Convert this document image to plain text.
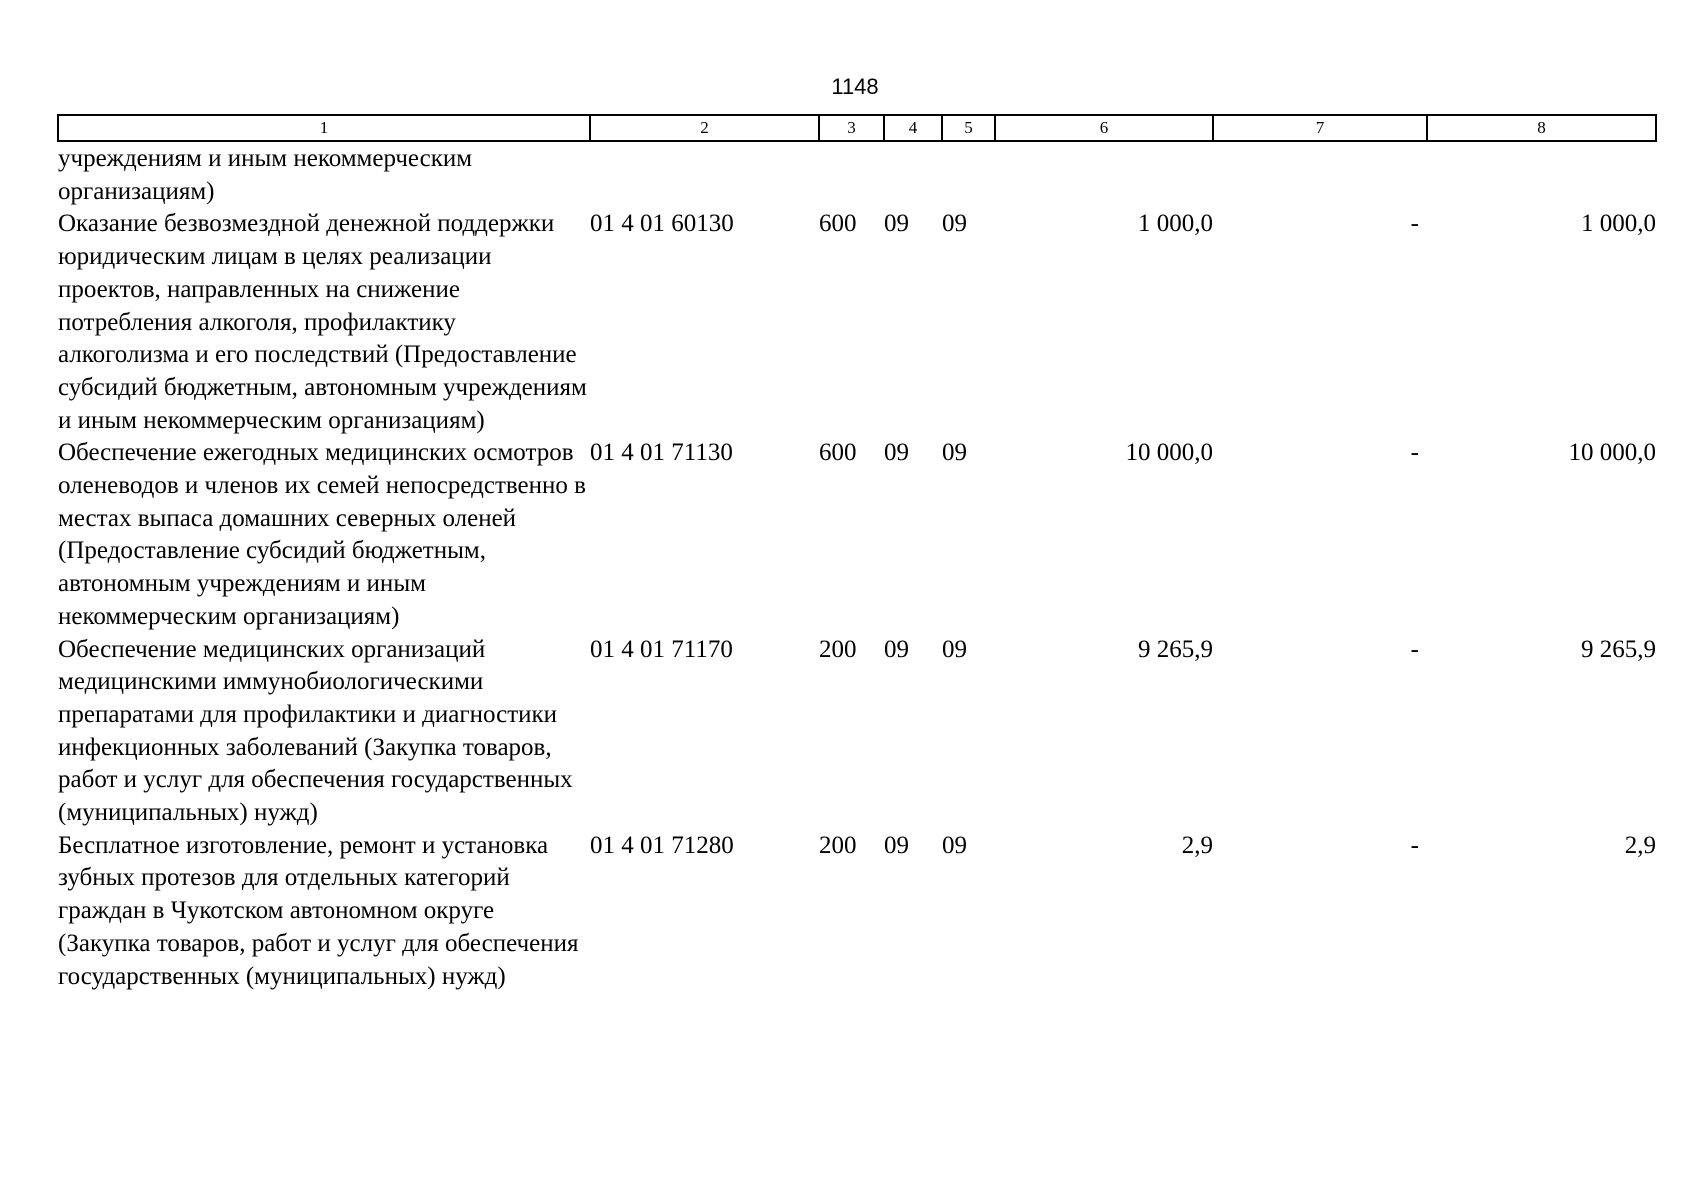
1148
1	2	3	4	5	6	7	8
учреждениям и иным некоммерческим организациям)							
Оказание безвозмездной денежной поддержки юридическим лицам в целях реализации проектов, направленных на снижение потребления алкоголя, профилактику алкоголизма и его последствий (Предоставление субсидий бюджетным, автономным учреждениям и иным некоммерческим организациям)	01 4 01 60130	600	09	09	1 000,0	-	1 000,0
Обеспечение ежегодных медицинских осмотров оленеводов и членов их семей непосредственно в местах выпаса домашних северных оленей (Предоставление субсидий бюджетным, автономным учреждениям и иным некоммерческим организациям)	01 4 01 71130	600	09	09	10 000,0	-	10 000,0
Обеспечение медицинских организаций медицинскими иммунобиологическими препаратами для профилактики и диагностики инфекционных заболеваний (Закупка товаров, работ и услуг для обеспечения государственных (муниципальных) нужд)	01 4 01 71170	200	09	09	9 265,9	-	9 265,9
Бесплатное изготовление, ремонт и установка зубных протезов для отдельных категорий граждан в Чукотском автономном округе (Закупка товаров, работ и услуг для обеспечения государственных (муниципальных) нужд)	01 4 01 71280	200	09	09	2,9	-	2,9
